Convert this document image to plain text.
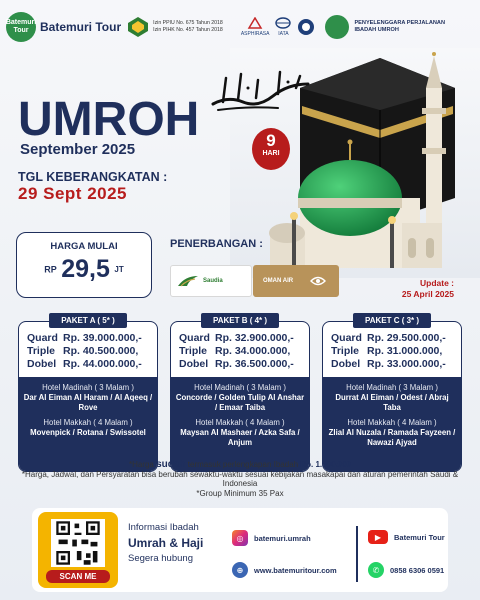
Batemuri Tour Batemuri Tour	Izin PPIU No. 675 Tahun 2018
Izin PIHK No. 457 Tahun 2018
ASPHIRASA	IATA
PENYELENGGARA PERJALANAN IBADAH UMROH
UMROH
September 2025
TGL KEBERANGKATAN :
29 Sept 2025
9
HARI
HARGA MULAI
RP 29,5 JT
PENERBANGAN :
Saudia	OMAN AIR	Update :
25 April 2025
PAKET A ( 5* )
Quard Rp. 39.000.000,-
Triple Rp. 40.500.000,
Dobel Rp. 44.000.000,-
Hotel Madinah ( 3 Malam )
Dar Al Eiman Al Haram / Al Aqeeq / Rove
Hotel Makkah ( 4 Malam )
Movenpick / Rotana / Swissotel
PAKET B ( 4* )
Quard Rp. 32.900.000,-
Triple Rp. 34.000.000,
Dobel Rp. 36.500.000,-
Hotel Madinah ( 3 Malam )
Concorde / Golden Tulip Al Anshar / Emaar Taiba
Hotel Makkah ( 4 Malam )
Maysan Al Mashaer / Azka Safa / Anjum
PAKET C ( 3* )
Quard Rp. 29.500.000,-
Triple Rp. 31.000.000,
Dobel Rp. 33.000.000,-
Hotel Madinah ( 3 Malam )
Durrat Al Eiman / Odest / Abraj Taba
Hotel Makkah ( 4 Malam )
Zlial Al Nuzala / Ramada Fayzeen / Nawazi Ajyad
*Harga sudah termasuk perlengkapan Ibadah Rp. 1.500.000
*Harga, Jadwal, dan Persyaratan bisa berubah sewaktu-waktu sesuai kebijakan masakapai dan aturan pemerintah Saudi & Indonesia
*Group Minimum 35 Pax
SCAN ME
Informasi Ibadah
Umrah & Haji
Segera hubung
◎	batemuri.umrah
⊕	www.batemuritour.com
▶	Batemuri Tour
✆	0858 6306 0591
